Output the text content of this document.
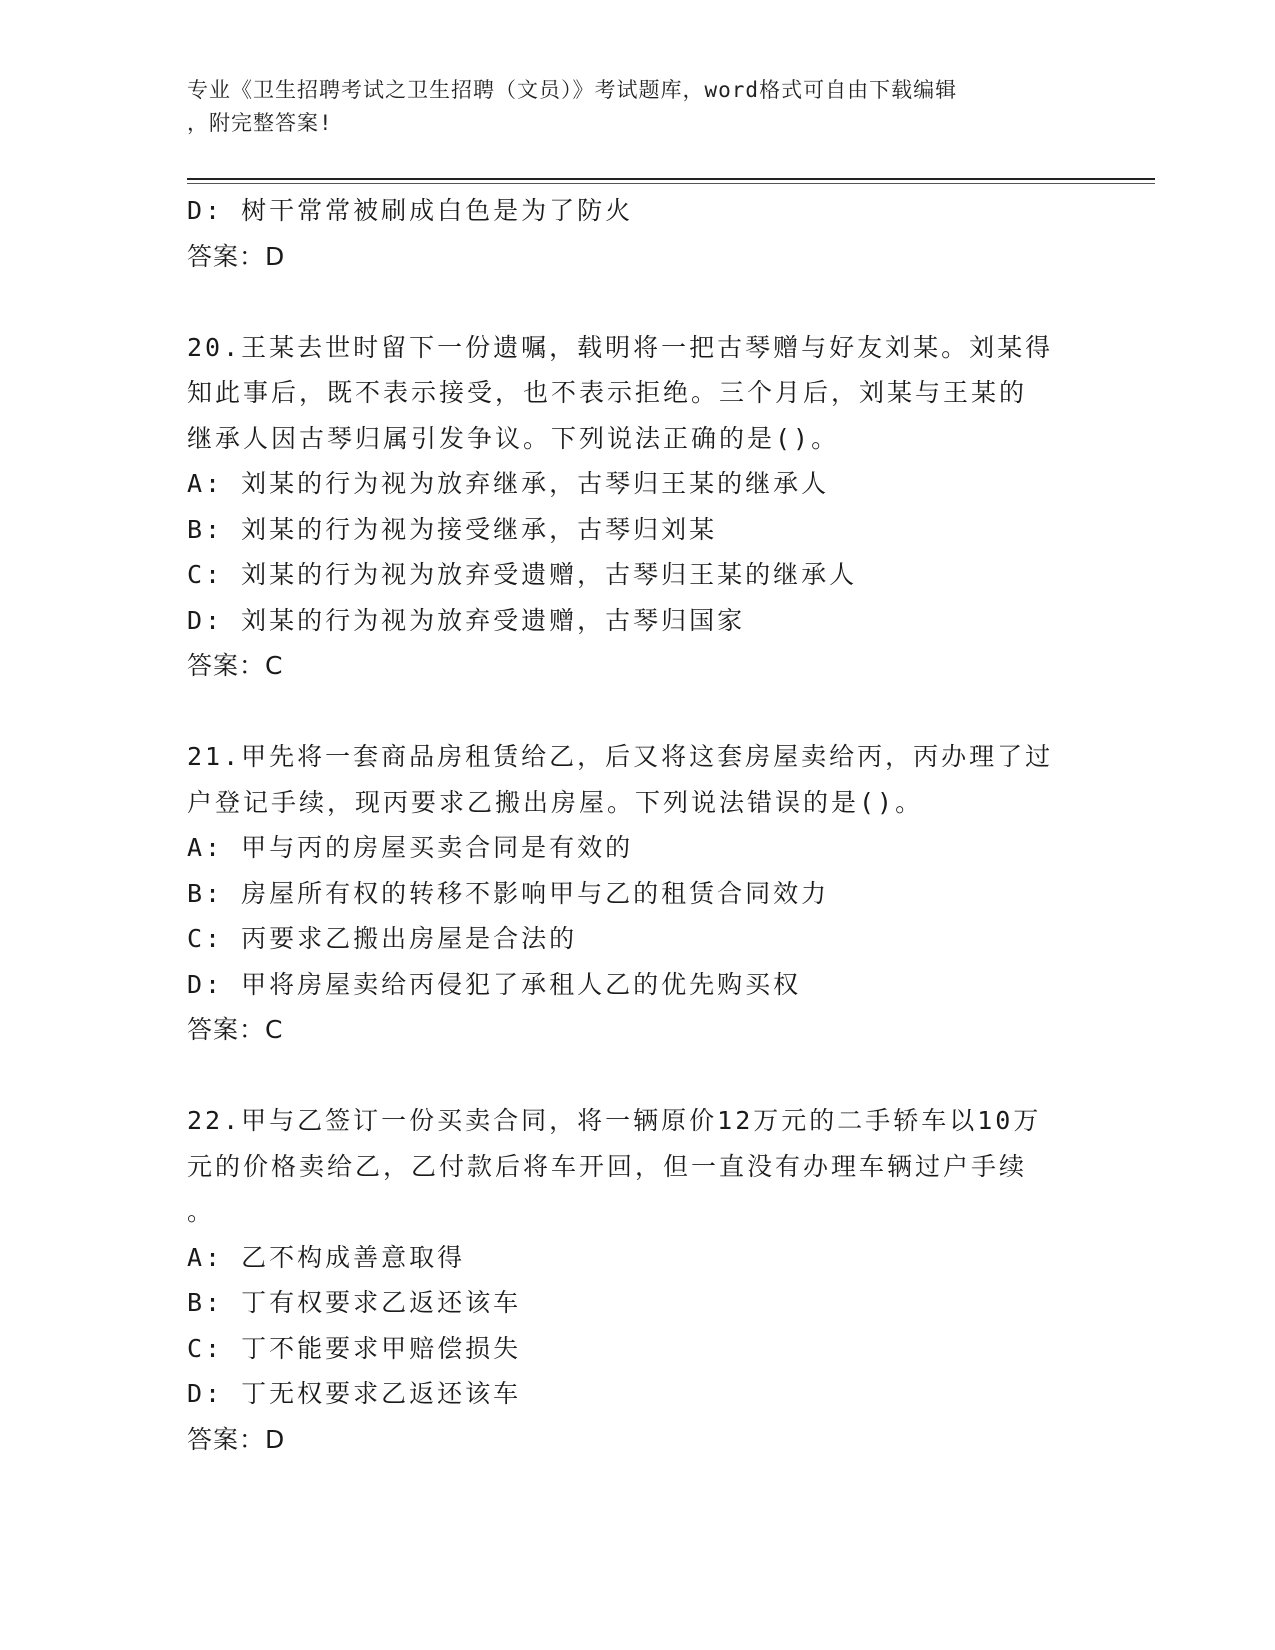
专业《卫生招聘考试之卫生招聘（文员）》考试题库，word格式可自由下载编辑
，附完整答案!
D: 树干常常被刷成白色是为了防火
答案：D
20.王某去世时留下一份遗嘱，载明将一把古琴赠与好友刘某。刘某得
知此事后，既不表示接受，也不表示拒绝。三个月后，刘某与王某的
继承人因古琴归属引发争议。下列说法正确的是()。
A: 刘某的行为视为放弃继承，古琴归王某的继承人
B: 刘某的行为视为接受继承，古琴归刘某
C: 刘某的行为视为放弃受遗赠，古琴归王某的继承人
D: 刘某的行为视为放弃受遗赠，古琴归国家
答案：C
21.甲先将一套商品房租赁给乙，后又将这套房屋卖给丙，丙办理了过
户登记手续，现丙要求乙搬出房屋。下列说法错误的是()。
A: 甲与丙的房屋买卖合同是有效的
B: 房屋所有权的转移不影响甲与乙的租赁合同效力
C: 丙要求乙搬出房屋是合法的
D: 甲将房屋卖给丙侵犯了承租人乙的优先购买权
答案：C
22.甲与乙签订一份买卖合同，将一辆原价12万元的二手轿车以10万
元的价格卖给乙，乙付款后将车开回，但一直没有办理车辆过户手续
。
A: 乙不构成善意取得
B: 丁有权要求乙返还该车
C: 丁不能要求甲赔偿损失
D: 丁无权要求乙返还该车
答案：D
